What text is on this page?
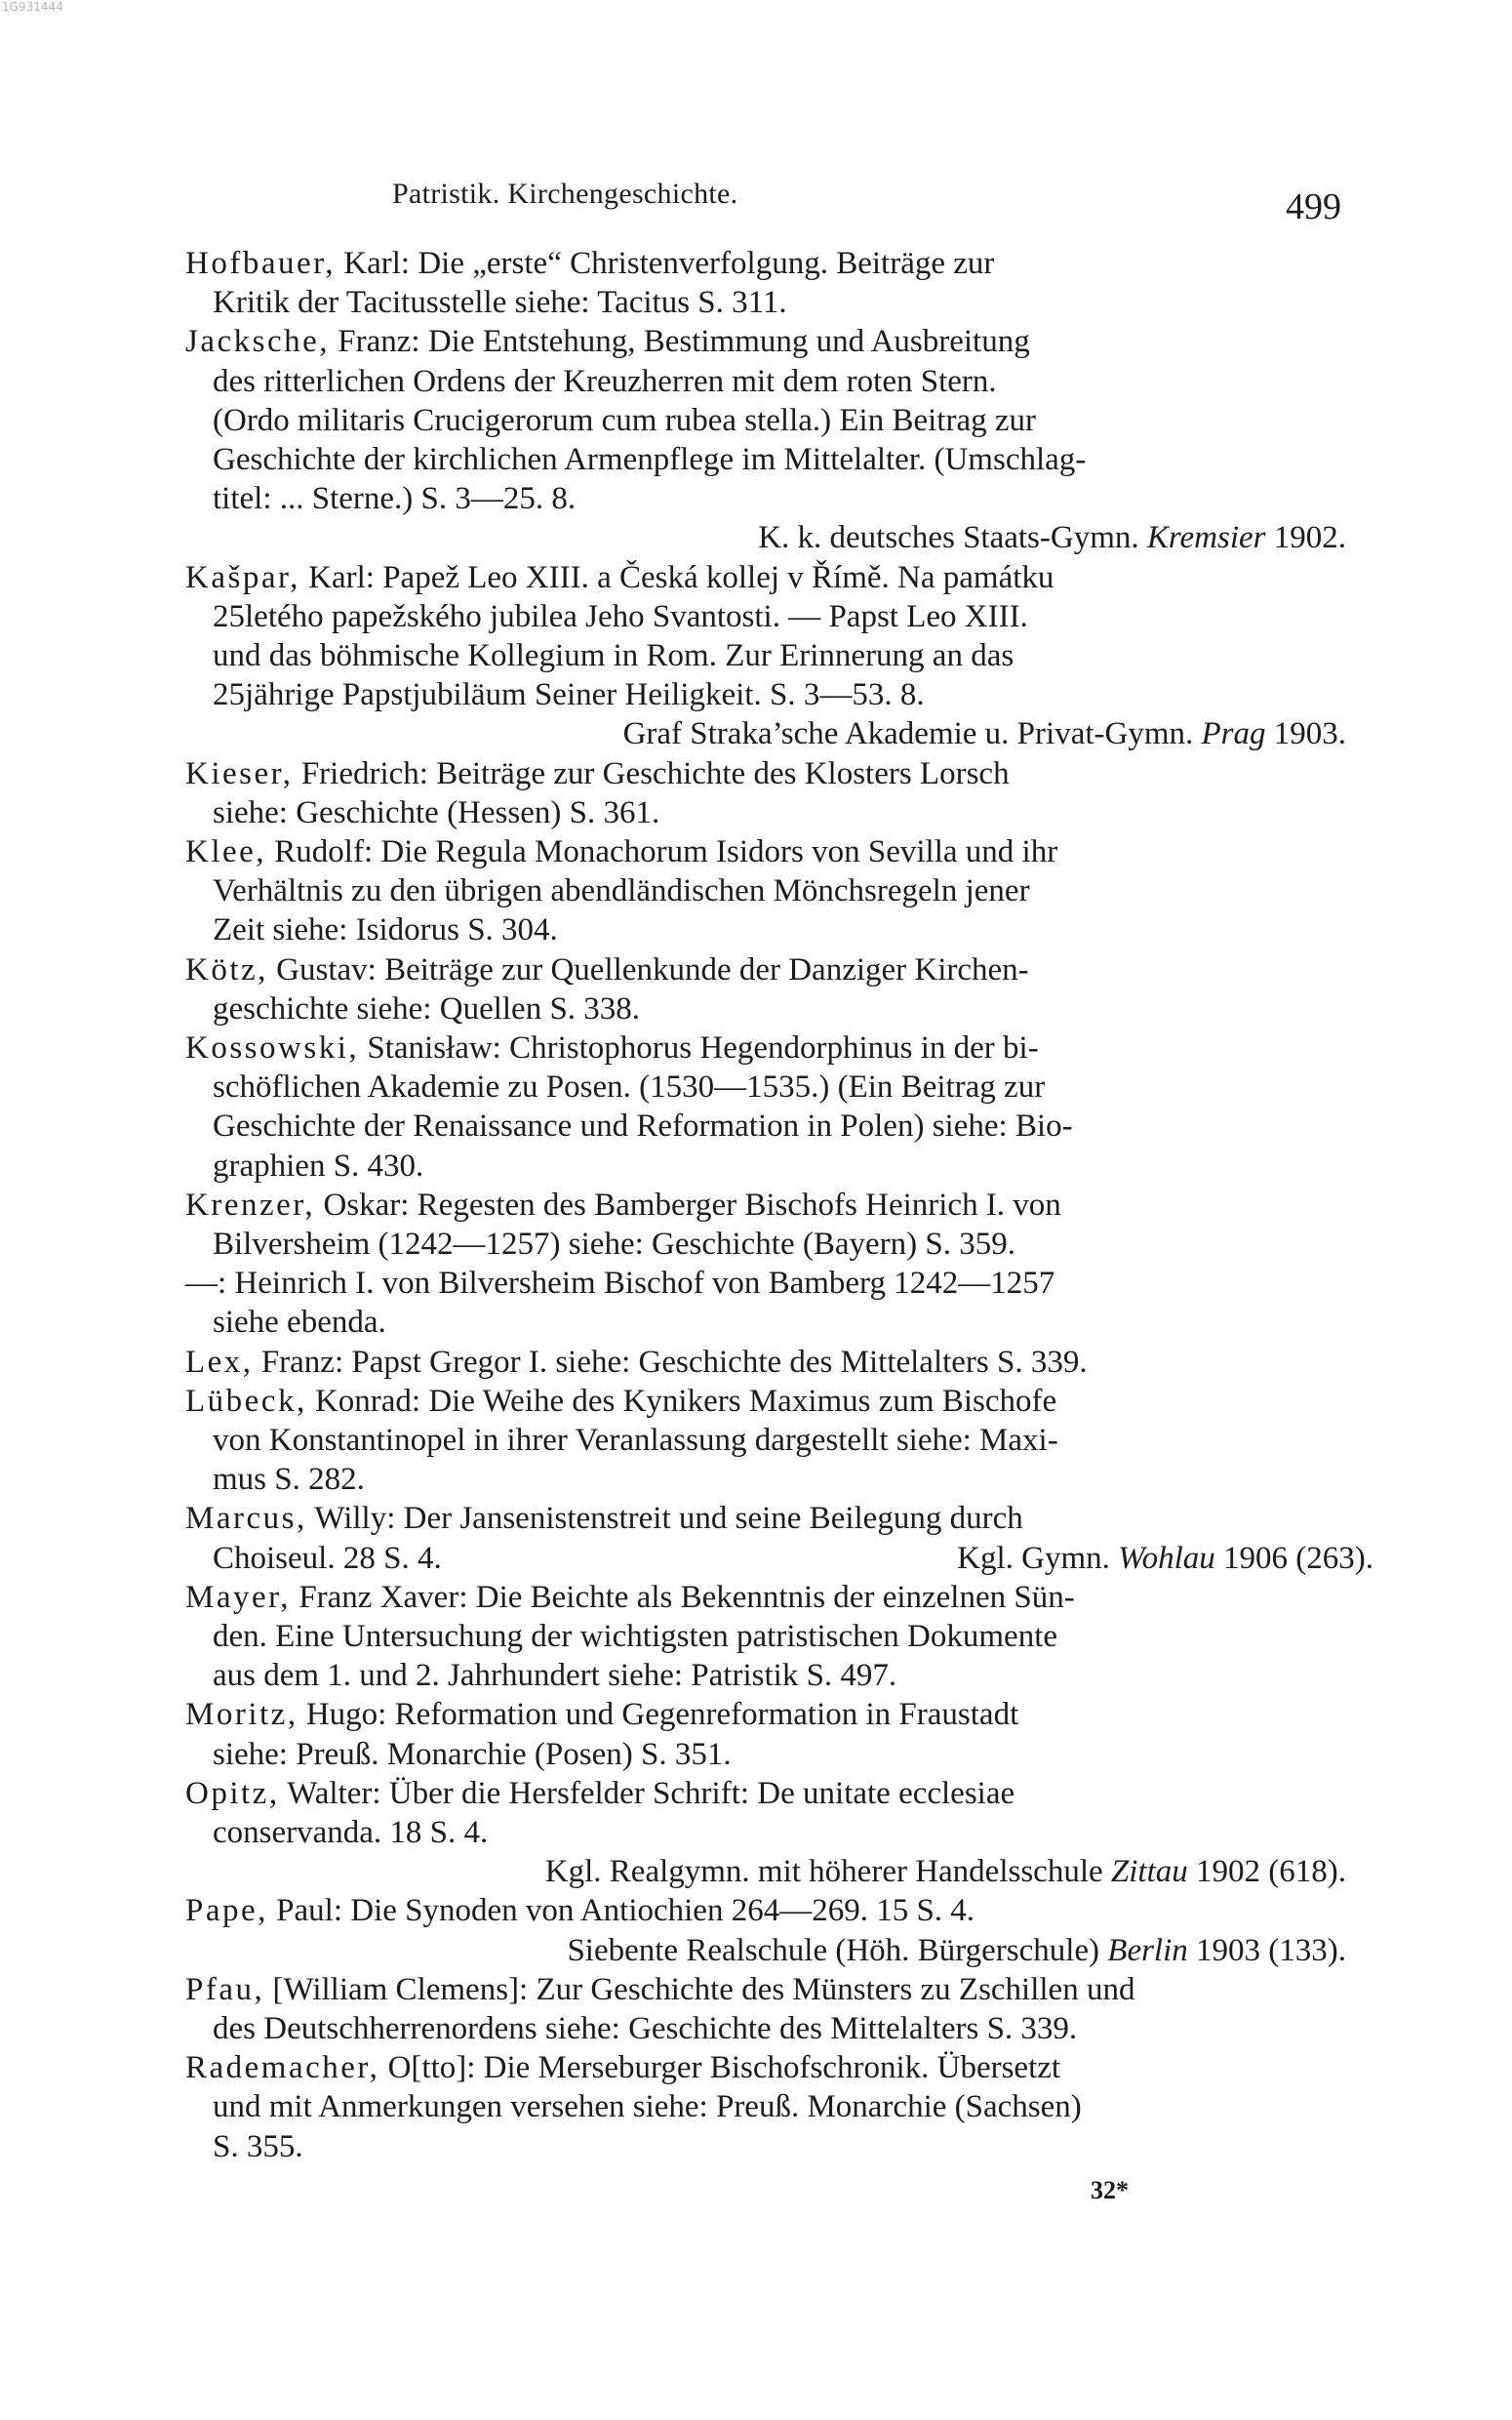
1G931444
Patristik. Kirchengeschichte.	499
Hofbauer, Karl: Die „erste“ Christenverfolgung. Beiträge zur
Kritik der Tacitusstelle siehe: Tacitus S. 311.
Jacksche, Franz: Die Entstehung, Bestimmung und Ausbreitung
des ritterlichen Ordens der Kreuzherren mit dem roten Stern.
(Ordo militaris Crucigerorum cum rubea stella.) Ein Beitrag zur
Geschichte der kirchlichen Armenpflege im Mittelalter. (Umschlag-
titel: ... Sterne.) S. 3—25. 8.
K. k. deutsches Staats-Gymn. Kremsier 1902.
Kašpar, Karl: Papež Leo XIII. a Česká kollej v Římě. Na památku
25letého papežského jubilea Jeho Svantosti. — Papst Leo XIII.
und das böhmische Kollegium in Rom. Zur Erinnerung an das
25jährige Papstjubiläum Seiner Heiligkeit. S. 3—53. 8.
Graf Straka’sche Akademie u. Privat-Gymn. Prag 1903.
Kieser, Friedrich: Beiträge zur Geschichte des Klosters Lorsch
siehe: Geschichte (Hessen) S. 361.
Klee, Rudolf: Die Regula Monachorum Isidors von Sevilla und ihr
Verhältnis zu den übrigen abendländischen Mönchsregeln jener
Zeit siehe: Isidorus S. 304.
Kötz, Gustav: Beiträge zur Quellenkunde der Danziger Kirchen-
geschichte siehe: Quellen S. 338.
Kossowski, Stanisław: Christophorus Hegendorphinus in der bi-
schöflichen Akademie zu Posen. (1530—1535.) (Ein Beitrag zur
Geschichte der Renaissance und Reformation in Polen) siehe: Bio-
graphien S. 430.
Krenzer, Oskar: Regesten des Bamberger Bischofs Heinrich I. von
Bilversheim (1242—1257) siehe: Geschichte (Bayern) S. 359.
—: Heinrich I. von Bilversheim Bischof von Bamberg 1242—1257
siehe ebenda.
Lex, Franz: Papst Gregor I. siehe: Geschichte des Mittelalters S. 339.
Lübeck, Konrad: Die Weihe des Kynikers Maximus zum Bischofe
von Konstantinopel in ihrer Veranlassung dargestellt siehe: Maxi-
mus S. 282.
Marcus, Willy: Der Jansenistenstreit und seine Beilegung durch
Choiseul. 28 S. 4.	Kgl. Gymn. Wohlau 1906 (263).
Mayer, Franz Xaver: Die Beichte als Bekenntnis der einzelnen Sün-
den. Eine Untersuchung der wichtigsten patristischen Dokumente
aus dem 1. und 2. Jahrhundert siehe: Patristik S. 497.
Moritz, Hugo: Reformation und Gegenreformation in Fraustadt
siehe: Preuß. Monarchie (Posen) S. 351.
Opitz, Walter: Über die Hersfelder Schrift: De unitate ecclesiae
conservanda. 18 S. 4.
Kgl. Realgymn. mit höherer Handelsschule Zittau 1902 (618).
Pape, Paul: Die Synoden von Antiochien 264—269. 15 S. 4.
Siebente Realschule (Höh. Bürgerschule) Berlin 1903 (133).
Pfau, [William Clemens]: Zur Geschichte des Münsters zu Zschillen und
des Deutschherrenordens siehe: Geschichte des Mittelalters S. 339.
Rademacher, O[tto]: Die Merseburger Bischofschronik. Übersetzt
und mit Anmerkungen versehen siehe: Preuß. Monarchie (Sachsen)
S. 355.
32*
